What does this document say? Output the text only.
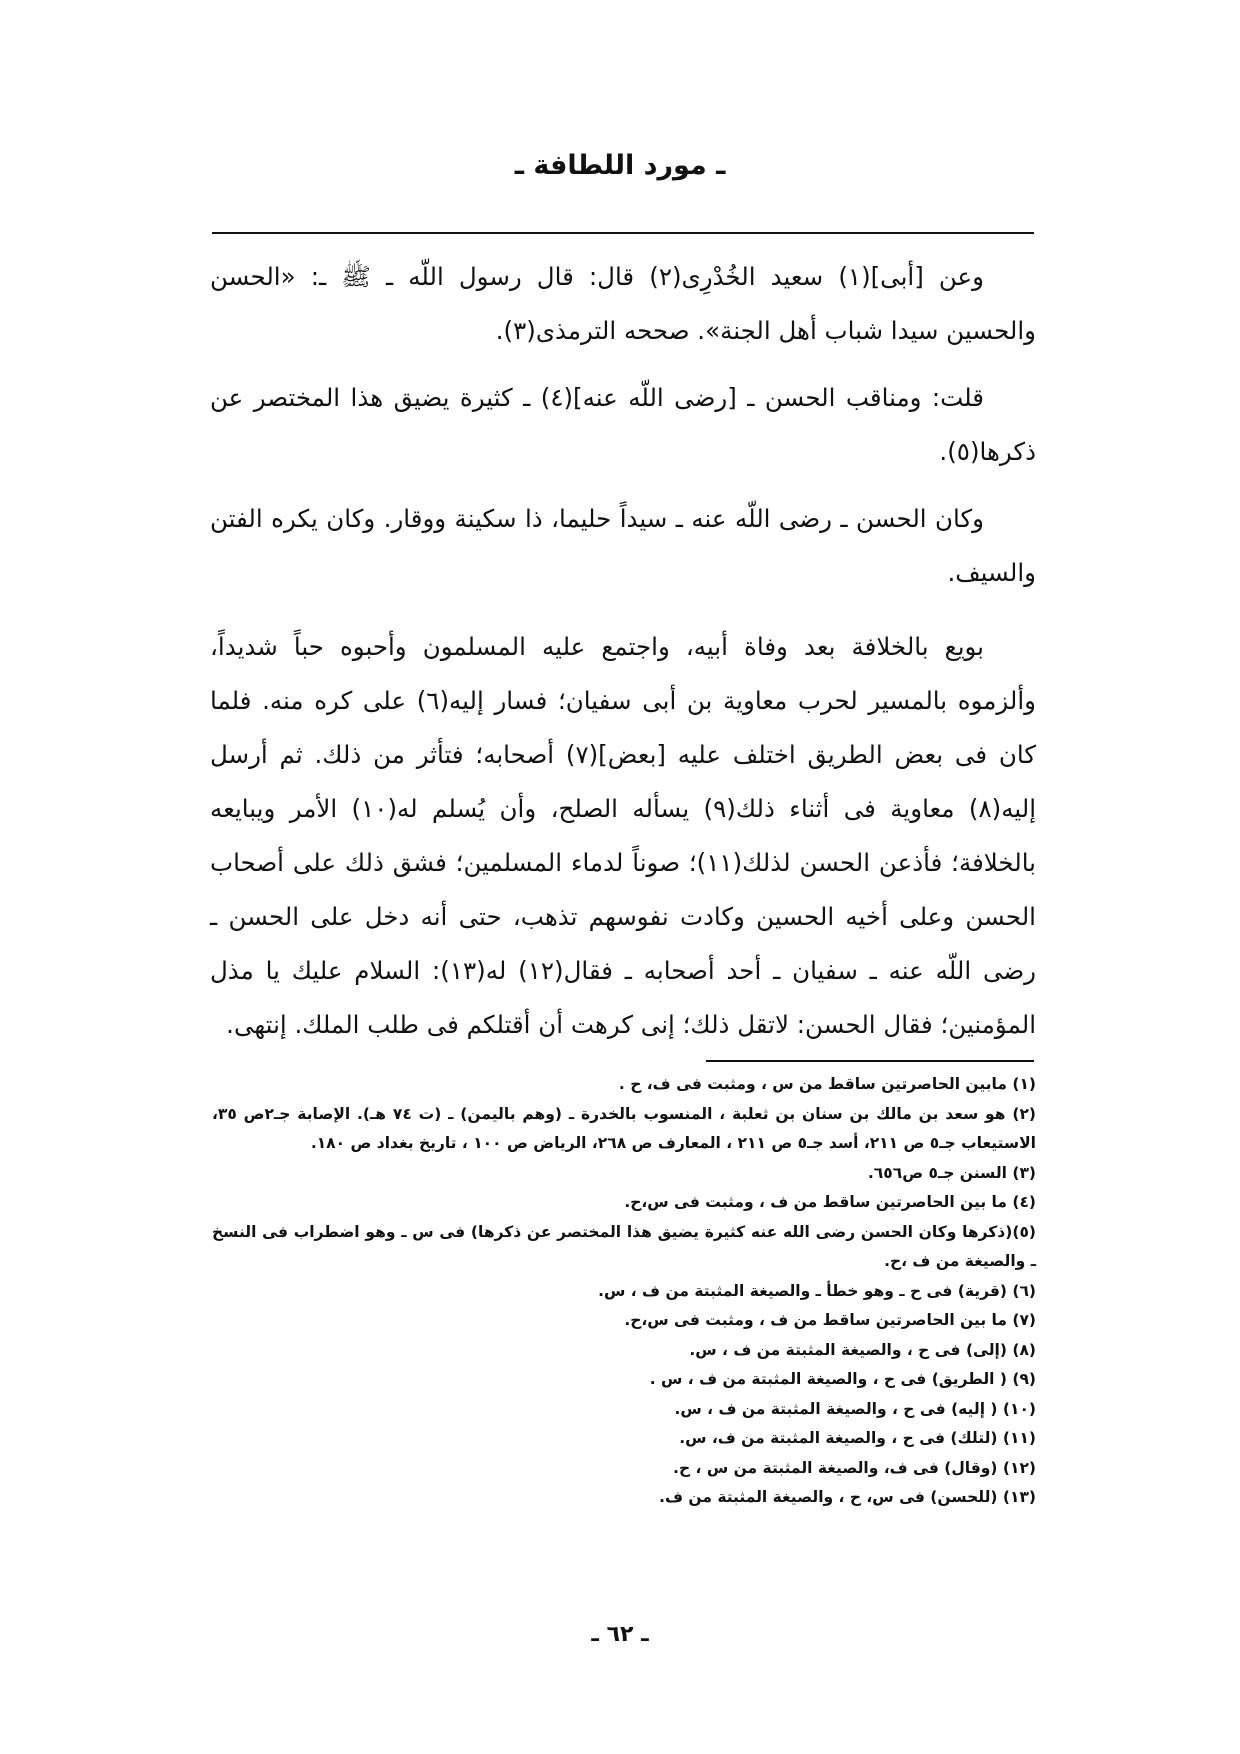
ـ مورد اللطافة ـ

وعن [أبى](١) سعيد الخُدْرِى(٢) قال: قال رسول اللّه ـ ﷺ ـ: «الحسن والحسين سيدا شباب أهل الجنة». صححه الترمذى(٣).

قلت: ومناقب الحسن ـ [رضى اللّه عنه](٤) ـ كثيرة يضيق هذا المختصر عن ذكرها(٥).

وكان الحسن ـ رضى اللّه عنه ـ سيداً حليما، ذا سكينة ووقار. وكان يكره الفتن والسيف.

بويع بالخلافة بعد وفاة أبيه، واجتمع عليه المسلمون وأحبوه حباً شديداً، وألزموه بالمسير لحرب معاوية بن أبى سفيان؛ فسار إليه(٦) على كره منه. فلما كان فى بعض الطريق اختلف عليه [بعض](٧) أصحابه؛ فتأثر من ذلك. ثم أرسل إليه(٨) معاوية فى أثناء ذلك(٩) يسأله الصلح، وأن يُسلم له(١٠) الأمر ويبايعه بالخلافة؛ فأذعن الحسن لذلك(١١)؛ صوناً لدماء المسلمين؛ فشق ذلك على أصحاب الحسن وعلى أخيه الحسين وكادت نفوسهم تذهب، حتى أنه دخل على الحسن ـ رضى اللّه عنه ـ سفيان ـ أحد أصحابه ـ فقال(١٢) له(١٣): السلام عليك يا مذل المؤمنين؛ فقال الحسن: لاتقل ذلك؛ إنى كرهت أن أقتلكم فى طلب الملك. إنتهى.

(١) مابين الحاصرتين ساقط من س ، ومثبت فى ف، ح .
(٢) هو سعد بن مالك بن سنان بن ثعلبة ، المنسوب بالخدرة ـ (وهم باليمن) ـ (ت ٧٤ هـ). الإصابة جـ٢ص ٣٥، الاستيعاب جـ٥ ص ٢١١، أسد جـ٥ ص ٢١١ ، المعارف ص ٢٦٨، الرياض ص ١٠٠ ، تاريخ بغداد ص ١٨٠.
(٣) السنن جـ٥ ص٦٥٦.
(٤) ما بين الحاصرتين ساقط من ف ، ومثبت فى س،ح.
(٥)(ذكرها وكان الحسن رضى الله عنه كثيرة يضيق هذا المختصر عن ذكرها) فى س ـ وهو اضطراب فى النسخ ـ والصيغة من ف ،ح.
(٦) (قرية) فى ح ـ وهو خطأ ـ والصيغة المثبتة من ف ، س.
(٧) ما بين الحاصرتين ساقط من ف ، ومثبت فى س،ح.
(٨) (إلى) فى ح ، والصيغة المثبتة من ف ، س.
(٩) ( الطريق) فى ح ، والصيغة المثبتة من ف ، س .
(١٠) ( إليه) فى ح ، والصيغة المثبتة من ف ، س.
(١١) (لتلك) فى ح ، والصيغة المثبتة من ف، س.
(١٢) (وقال) فى ف، والصيغة المثبتة من س ، ح.
(١٣) (للحسن) فى س، ح ، والصيغة المثبتة من ف.
ـ ٦٢ ـ
